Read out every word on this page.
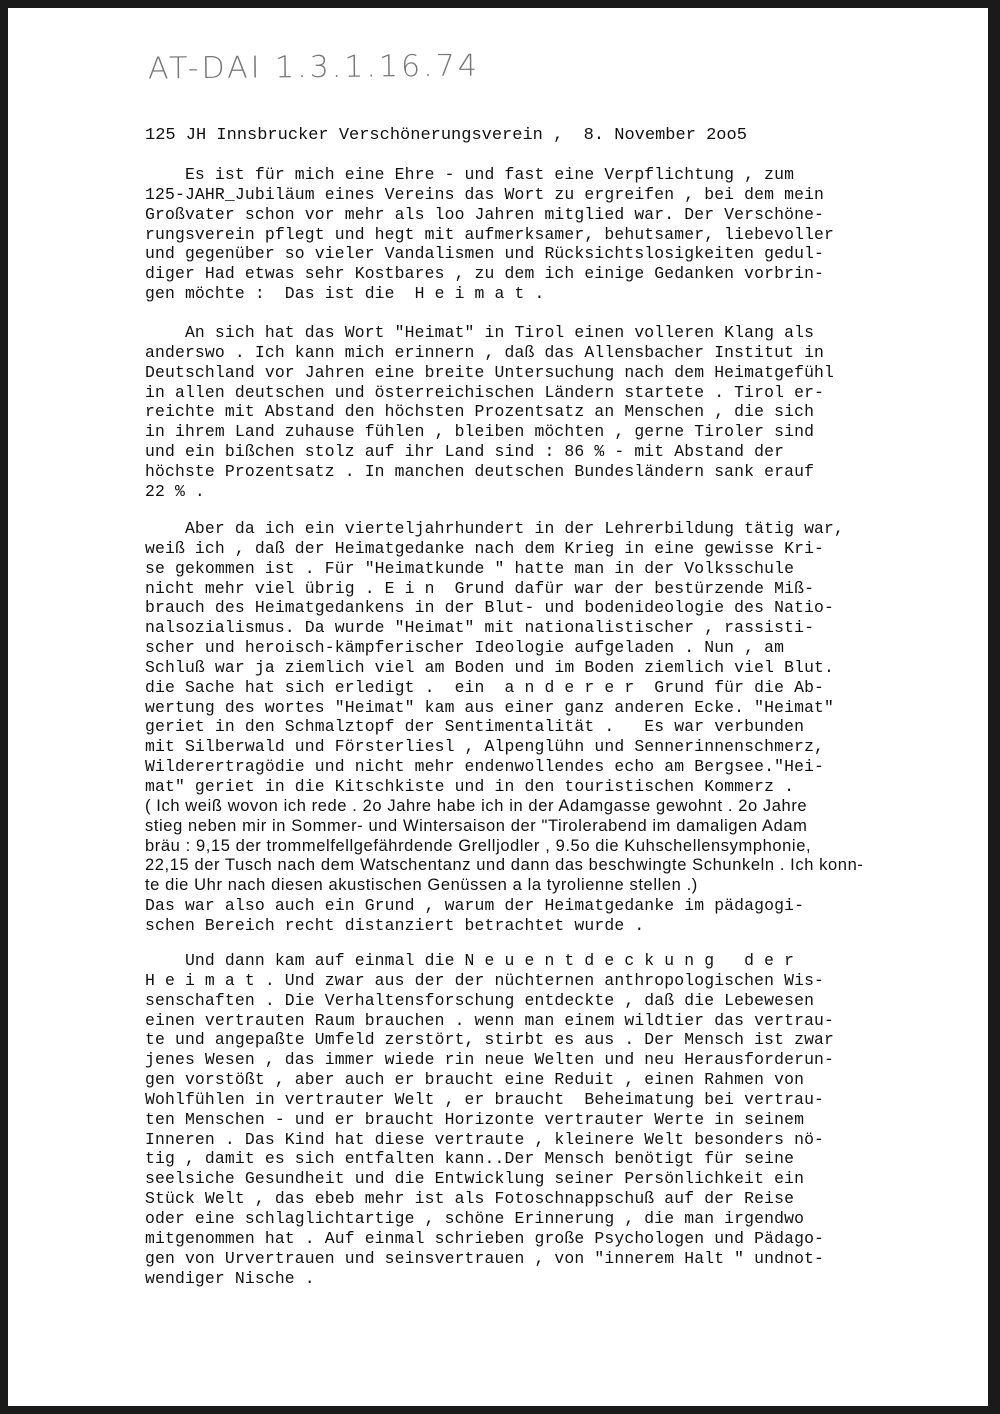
AT-DAI 1.3.1.16.74
125 JH Innsbrucker Verschönerungsverein ,  8. November 2oo5
Es ist für mich eine Ehre - und fast eine Verpflichtung , zum
125-JAHR_Jubiläum eines Vereins das Wort zu ergreifen , bei dem mein
Großvater schon vor mehr als loo Jahren mitglied war. Der Verschöne-
rungsverein pflegt und hegt mit aufmerksamer, behutsamer, liebevoller
und gegenüber so vieler Vandalismen und Rücksichtslosigkeiten gedul-
diger Had etwas sehr Kostbares , zu dem ich einige Gedanken vorbrin-
gen möchte :  Das ist die  H e i m a t .
An sich hat das Wort "Heimat" in Tirol einen volleren Klang als
anderswo . Ich kann mich erinnern , daß das Allensbacher Institut in
Deutschland vor Jahren eine breite Untersuchung nach dem Heimatgefühl
in allen deutschen und österreichischen Ländern startete . Tirol er-
reichte mit Abstand den höchsten Prozentsatz an Menschen , die sich
in ihrem Land zuhause fühlen , bleiben möchten , gerne Tiroler sind
und ein bißchen stolz auf ihr Land sind : 86 % - mit Abstand der
höchste Prozentsatz . In manchen deutschen Bundesländern sank erauf
22 % .
Aber da ich ein vierteljahrhundert in der Lehrerbildung tätig war,
weiß ich , daß der Heimatgedanke nach dem Krieg in eine gewisse Kri-
se gekommen ist . Für "Heimatkunde " hatte man in der Volksschule
nicht mehr viel übrig . E i n  Grund dafür war der bestürzende Miß-
brauch des Heimatgedankens in der Blut- und bodenideologie des Natio-
nalsozialismus. Da wurde "Heimat" mit nationalistischer , rassisti-
scher und heroisch-kämpferischer Ideologie aufgeladen . Nun , am
Schluß war ja ziemlich viel am Boden und im Boden ziemlich viel Blut.
die Sache hat sich erledigt .  ein  a n d e r e r  Grund für die Ab-
wertung des wortes "Heimat" kam aus einer ganz anderen Ecke. "Heimat"
geriet in den Schmalztopf der Sentimentalität .   Es war verbunden
mit Silberwald und Försterliesl , Alpenglühn und Sennerinnenschmerz,
Wilderertragödie und nicht mehr endenwollendes echo am Bergsee."Hei-
mat" geriet in die Kitschkiste und in den touristischen Kommerz .
( Ich weiß wovon ich rede . 2o Jahre habe ich in der Adamgasse gewohnt . 2o Jahre
stieg neben mir in Sommer- und Wintersaison der "Tirolerabend im damaligen Adam
bräu : 9,15 der trommelfellgefährdende Grelljodler , 9.5o die Kuhschellensymphonie,
22,15 der Tusch nach dem Watschentanz und dann das beschwingte Schunkeln . Ich konn-
te die Uhr nach diesen akustischen Genüssen a la tyrolienne stellen .)
Das war also auch ein Grund , warum der Heimatgedanke im pädagogi-
schen Bereich recht distanziert betrachtet wurde .
Und dann kam auf einmal die N e u e n t d e c k u n g   d e r
H e i m a t . Und zwar aus der der nüchternen anthropologischen Wis-
senschaften . Die Verhaltensforschung entdeckte , daß die Lebewesen
einen vertrauten Raum brauchen . wenn man einem wildtier das vertrau-
te und angepaßte Umfeld zerstört, stirbt es aus . Der Mensch ist zwar
jenes Wesen , das immer wiede rin neue Welten und neu Herausforderun-
gen vorstößt , aber auch er braucht eine Reduit , einen Rahmen von
Wohlfühlen in vertrauter Welt , er braucht  Beheimatung bei vertrau-
ten Menschen - und er braucht Horizonte vertrauter Werte in seinem
Inneren . Das Kind hat diese vertraute , kleinere Welt besonders nö-
tig , damit es sich entfalten kann..Der Mensch benötigt für seine
seelsiche Gesundheit und die Entwicklung seiner Persönlichkeit ein
Stück Welt , das ebeb mehr ist als Fotoschnappschuß auf der Reise
oder eine schlaglichtartige , schöne Erinnerung , die man irgendwo
mitgenommen hat . Auf einmal schrieben große Psychologen und Pädago-
gen von Urvertrauen und seinsvertrauen , von "innerem Halt " undnot-
wendiger Nische .
